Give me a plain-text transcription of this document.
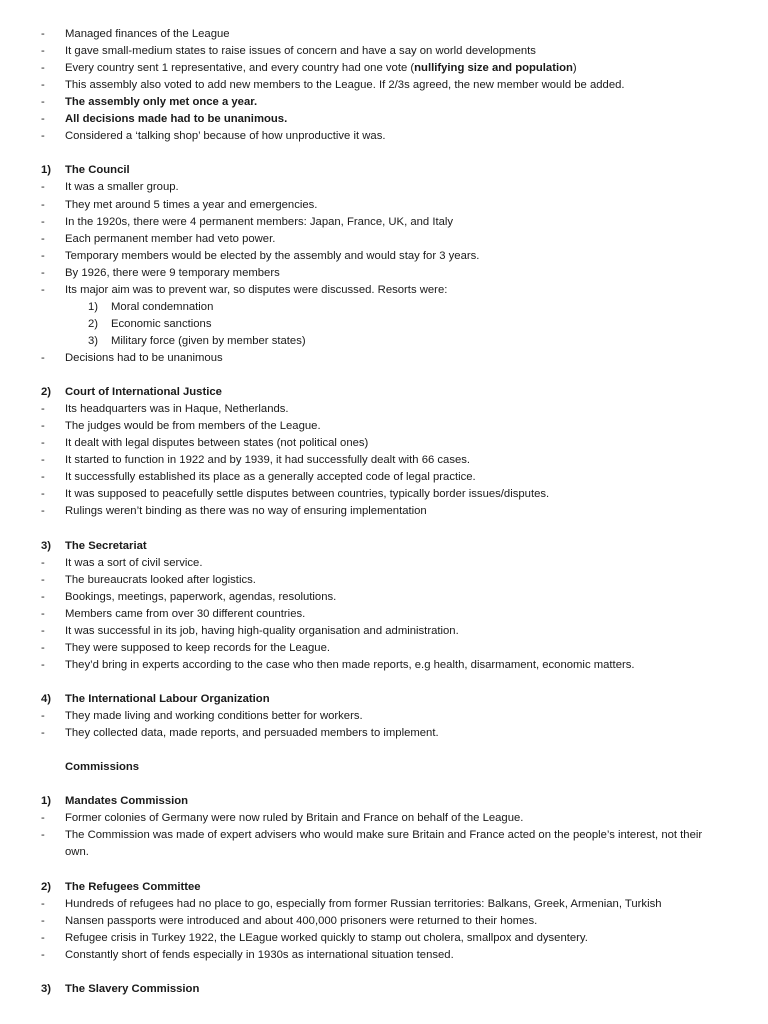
- Managed finances of the League
- It gave small-medium states to raise issues of concern and have a say on world developments
- Every country sent 1 representative, and every country had one vote (nullifying size and population)
- This assembly also voted to add new members to the League. If 2/3s agreed, the new member would be added.
- The assembly only met once a year.
- All decisions made had to be unanimous.
- Considered a ‘talking shop’ because of how unproductive it was.
1) The Council
- It was a smaller group.
- They met around 5 times a year and emergencies.
- In the 1920s, there were 4 permanent members: Japan, France, UK, and Italy
- Each permanent member had veto power.
- Temporary members would be elected by the assembly and would stay for 3 years.
- By 1926, there were 9 temporary members
- Its major aim was to prevent war, so disputes were discussed. Resorts were:
1) Moral condemnation
2) Economic sanctions
3) Military force (given by member states)
- Decisions had to be unanimous
2) Court of International Justice
- Its headquarters was in Haque, Netherlands.
- The judges would be from members of the League.
- It dealt with legal disputes between states (not political ones)
- It started to function in 1922 and by 1939, it had successfully dealt with 66 cases.
- It successfully established its place as a generally accepted code of legal practice.
- It was supposed to peacefully settle disputes between countries, typically border issues/disputes.
- Rulings weren’t binding as there was no way of ensuring implementation
3) The Secretariat
- It was a sort of civil service.
- The bureaucrats looked after logistics.
- Bookings, meetings, paperwork, agendas, resolutions.
- Members came from over 30 different countries.
- It was successful in its job, having high-quality organisation and administration.
- They were supposed to keep records for the League.
- They’d bring in experts according to the case who then made reports, e.g health, disarmament, economic matters.
4) The International Labour Organization
- They made living and working conditions better for workers.
- They collected data, made reports, and persuaded members to implement.
Commissions
1) Mandates Commission
- Former colonies of Germany were now ruled by Britain and France on behalf of the League.
- The Commission was made of expert advisers who would make sure Britain and France acted on the people’s interest, not their
own.
2) The Refugees Committee
- Hundreds of refugees had no place to go, especially from former Russian territories: Balkans, Greek, Armenian, Turkish
- Nansen passports were introduced and about 400,000 prisoners were returned to their homes.
- Refugee crisis in Turkey 1922, the LEague worked quickly to stamp out cholera, smallpox and dysentery.
- Constantly short of fends especially in 1930s as international situation tensed.
3) The Slavery Commission
